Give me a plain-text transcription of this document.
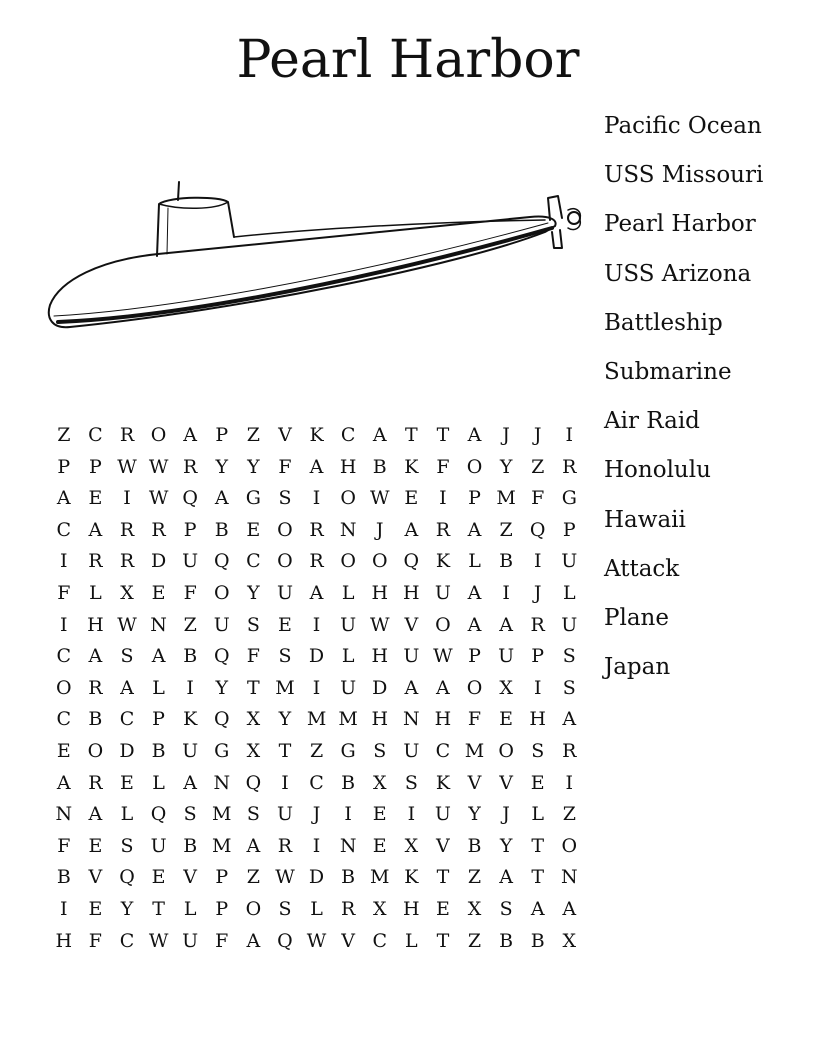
Pearl Harbor
Pacific Ocean
USS Missouri
Pearl Harbor
USS Arizona
Battleship
Submarine
Air Raid
Honolulu
Hawaii
Attack
Plane
Japan
Z C R O A P Z V K C A T T A	J	J	I
P P W W R Y	Y F A H B K F O Y Z R
A E	I W Q A G S	I	O W E	I	P M F G
C A R R P B E O R N	J	A R A Z Q P
I	R R D U Q C O R O O Q K L B	I	U
F L X E F O Y U A L H H U A	I	J	L
I	H W N Z U S E	I	U W V O A A R U
C A S A B Q F S D L H U W P U P S
O R A L	I	Y T M I	U D A A O X	I	S
C B C P K Q X Y M M H N H F E H A
E O D B U G X T Z G S U C M O S R
A R E L A N Q	I	C B X S K V V E	I
N A L Q S M S U	J	I	E	I	U Y	J	L Z
F E S U B M A R	I	N E X V B Y T O
B V Q E V P Z W D B M K T Z A T N
I	E Y T L P O S L R X H E X S A A
H F C W U F A Q W V C L T Z B B X
